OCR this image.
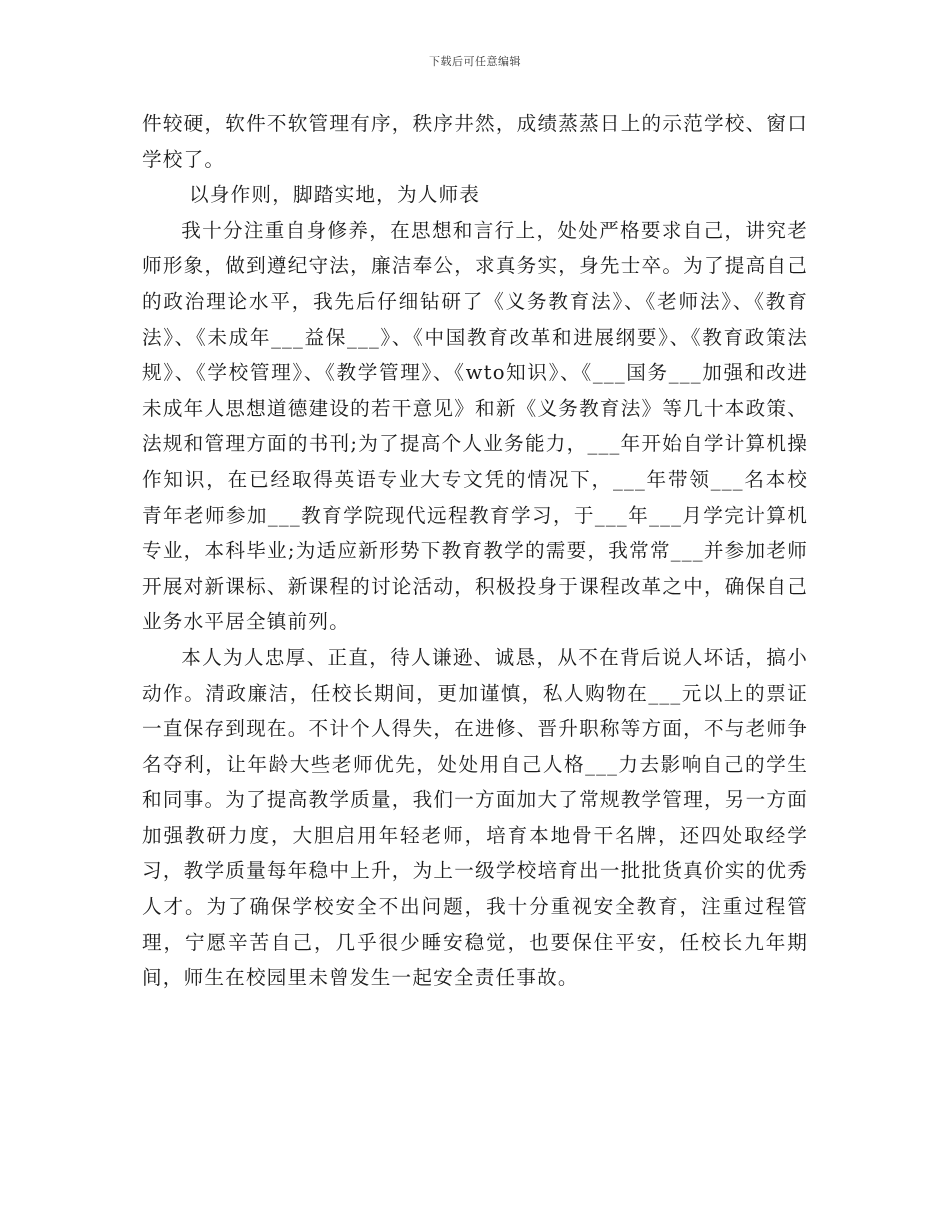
下载后可任意编辑

件较硬，软件不软管理有序，秩序井然，成绩蒸蒸日上的示范学校、窗口学校了。

以身作则，脚踏实地，为人师表

我十分注重自身修养，在思想和言行上，处处严格要求自己，讲究老师形象，做到遵纪守法，廉洁奉公，求真务实，身先士卒。为了提高自己的政治理论水平，我先后仔细钻研了《义务教育法》、《老师法》、《教育法》、《未成年___益保___》、《中国教育改革和进展纲要》、《教育政策法规》、《学校管理》、《教学管理》、《wto知识》、《___国务___加强和改进未成年人思想道德建设的若干意见》和新《义务教育法》等几十本政策、法规和管理方面的书刊;为了提高个人业务能力，___年开始自学计算机操作知识，在已经取得英语专业大专文凭的情况下，___年带领___名本校青年老师参加___教育学院现代远程教育学习，于___年___月学完计算机专业，本科毕业;为适应新形势下教育教学的需要，我常常___并参加老师开展对新课标、新课程的讨论活动，积极投身于课程改革之中，确保自己业务水平居全镇前列。

本人为人忠厚、正直，待人谦逊、诚恳，从不在背后说人坏话，搞小动作。清政廉洁，任校长期间，更加谨慎，私人购物在___元以上的票证一直保存到现在。不计个人得失，在进修、晋升职称等方面，不与老师争名夺利，让年龄大些老师优先，处处用自己人格___力去影响自己的学生和同事。为了提高教学质量，我们一方面加大了常规教学管理，另一方面加强教研力度，大胆启用年轻老师，培育本地骨干名牌，还四处取经学习，教学质量每年稳中上升，为上一级学校培育出一批批货真价实的优秀人才。为了确保学校安全不出问题，我十分重视安全教育，注重过程管理，宁愿辛苦自己，几乎很少睡安稳觉，也要保住平安，任校长九年期间，师生在校园里未曾发生一起安全责任事故。
